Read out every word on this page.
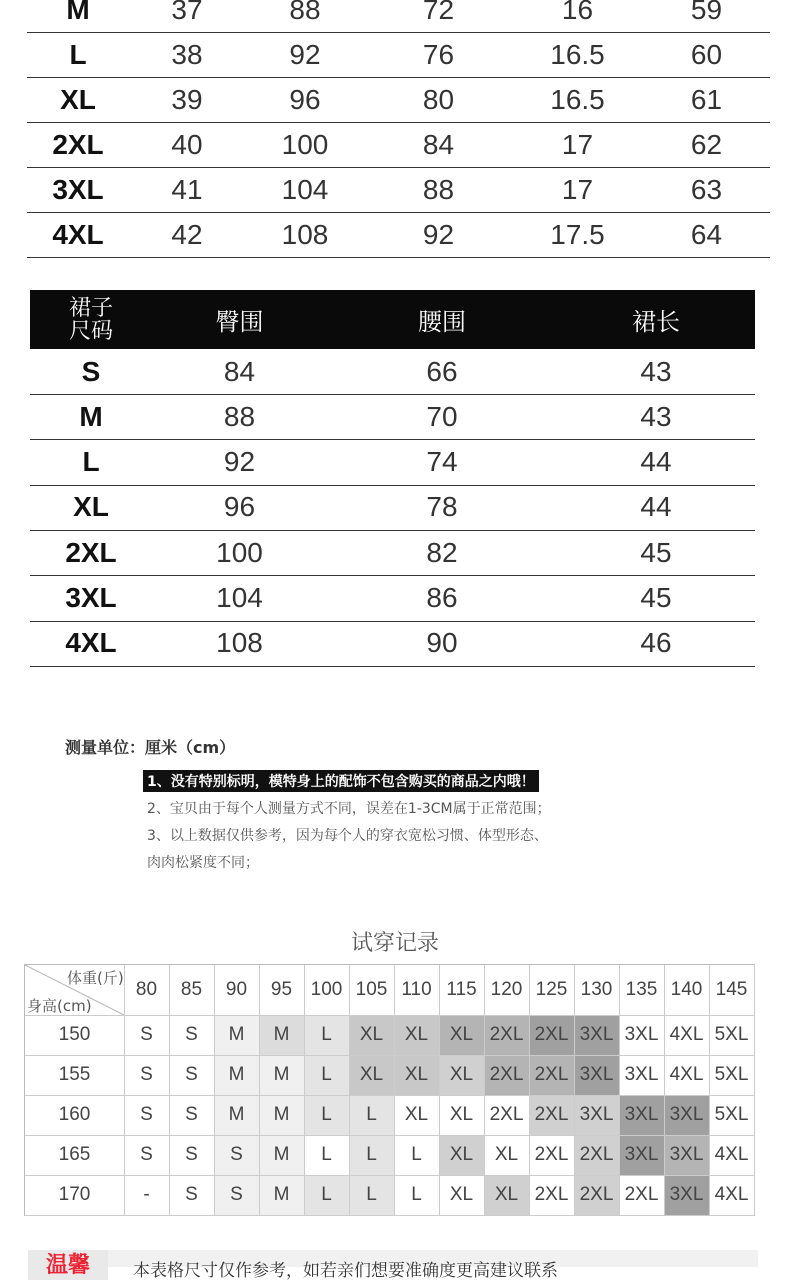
M	37	88	72	16	59
L	38	92	76	16.5	60
XL	39	96	80	16.5	61
2XL	40	100	84	17	62
3XL	41	104	88	17	63
4XL	42	108	92	17.5	64
裙子
尺码	臀围	腰围	裙长
S	84	66	43
M	88	70	43
L	92	74	44
XL	96	78	44
2XL	100	82	45
3XL	104	86	45
4XL	108	90	46
测量单位：厘米（cm）
1、没有特别标明，模特身上的配饰不包含购买的商品之内哦！
2、宝贝由于每个人测量方式不同，误差在1-3CM属于正常范围；
3、以上数据仅供参考，因为每个人的穿衣宽松习惯、体型形态、
肉肉松紧度不同；
试穿记录
体重(斤)
身高(cm)
80	85	90	95 100 105 110 115 120 125 130 135 140 145
150	S	S	M	M	L	XL	XL	XL 2XL 2XL 3XL 3XL 4XL 5XL
155	S	S	M	M	L	XL	XL	XL 2XL 2XL 3XL 3XL 4XL 5XL
160	S	S	M	M	L	L	XL	XL 2XL 2XL 3XL 3XL 3XL 5XL
165	S	S	S	M	L	L	L	XL	XL 2XL 2XL 3XL 3XL 4XL
170	-	S	S	M	L	L	L	XL	XL 2XL 2XL 2XL 3XL 4XL
温馨	本表格尺寸仅作参考，如若亲们想要准确度更高建议联系
